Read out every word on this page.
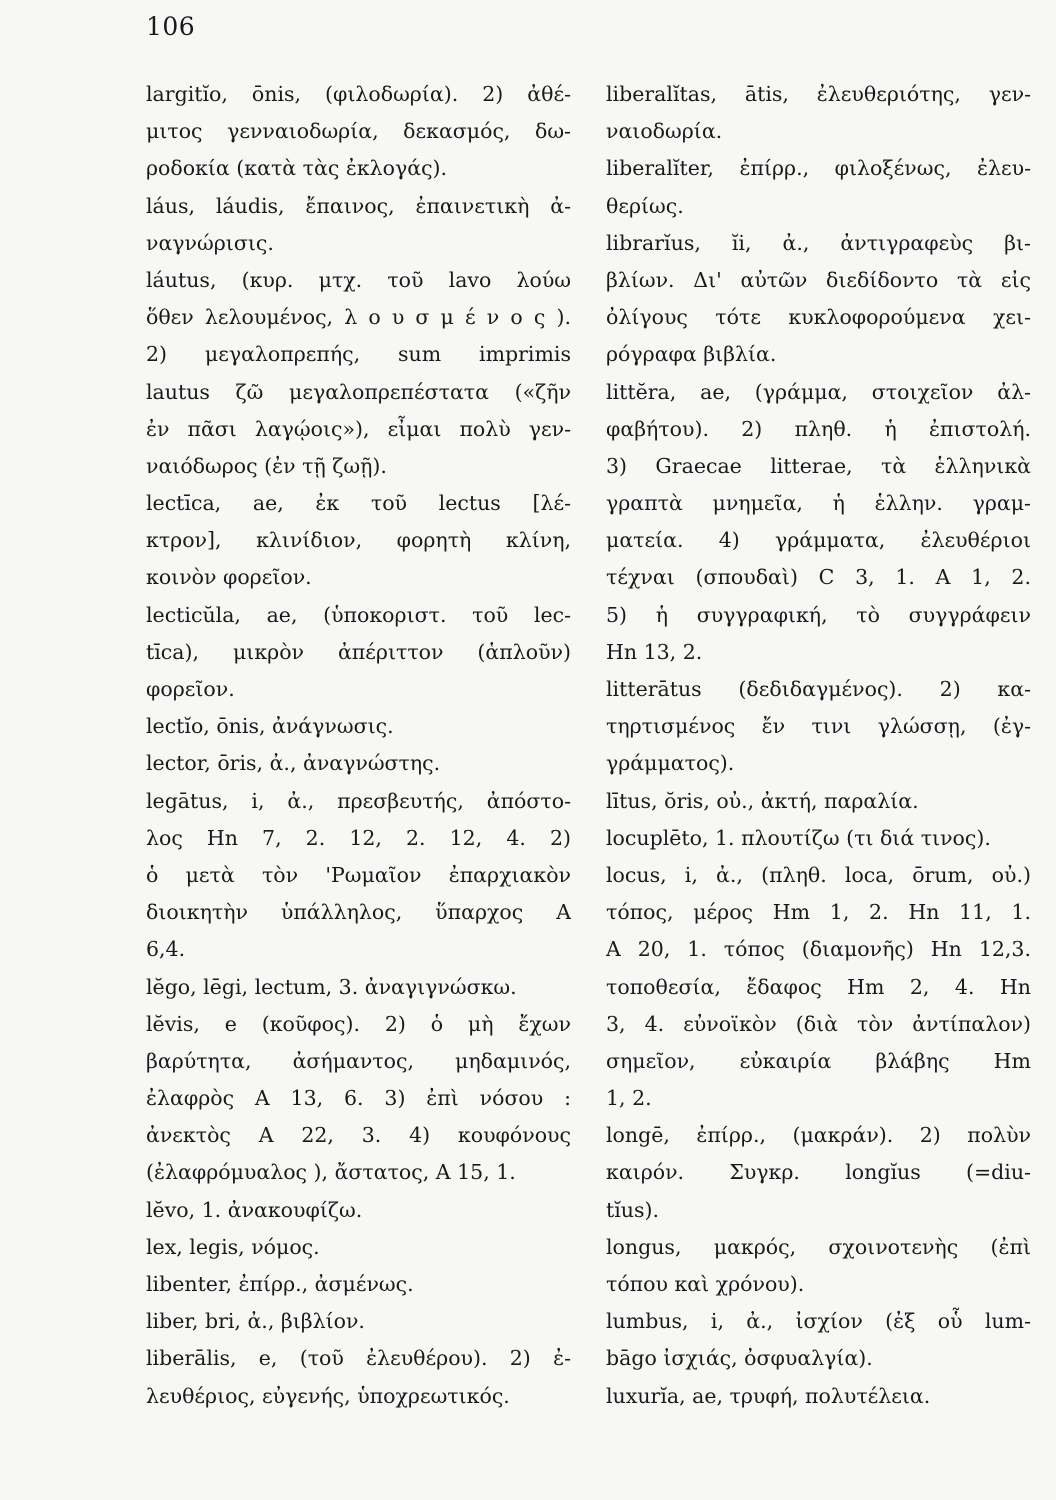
106
largitĭo, ōnis, (φιλοδωρία). 2) ἀθέ-
μιτος γενναιοδωρία, δεκασμός, δω-
ροδοκία (κατὰ τὰς ἐκλογάς).
láus, láudis, ἔπαινος, ἐπαινετικὴ ἀ-
ναγνώρισις.
láutus, (κυρ. μτχ. τοῦ lavo λούω
ὅθεν λελουμένος, λ ο υ σ μ έ ν ο ς ).
2) μεγαλοπρεπής, sum imprimis
lautus ζῶ μεγαλοπρεπέστατα («ζῆν
ἐν πᾶσι λαγῴοις»), εἶμαι πολὺ γεν-
ναιόδωρος (ἐν τῇ ζωῇ).
lectīca, ae, ἐκ τοῦ lectus [λέ-
κτρον], κλινίδιον, φορητὴ κλίνη,
κοινὸν φορεῖον.
lecticŭla, ae, (ὑποκοριστ. τοῦ lec-
tīca), μικρὸν ἀπέριττον (ἁπλοῦν)
φορεῖον.
lectĭo, ōnis, ἀνάγνωσις.
lector, ōris, ἀ., ἀναγνώστης.
legātus, i, ἀ., πρεσβευτής, ἀπόστο-
λος Hn 7, 2. 12, 2. 12, 4. 2)
ὁ μετὰ τὸν 'Ρωμαῖον ἐπαρχιακὸν
διοικητὴν ὑπάλληλος, ὕπαρχος A
6,4.
lĕgo, lēgi, lectum, 3. ἀναγιγνώσκω.
lĕvis, e (κοῦφος). 2) ὁ μὴ ἔχων
βαρύτητα, ἀσήμαντος, μηδαμινός,
ἐλαφρὸς A 13, 6. 3) ἐπὶ νόσου :
ἀνεκτὸς A 22, 3. 4) κουφόνους
(ἐλαφρόμυαλος ), ἄστατος, A 15, 1.
lĕvo, 1. ἀνακουφίζω.
lex, legis, νόμος.
libenter, ἐπίρρ., ἀσμένως.
liber, bri, ἀ., βιβλίον.
liberālis, e, (τοῦ ἐλευθέρου). 2) ἐ-
λευθέριος, εὐγενής, ὑποχρεωτικός.
liberalĭtas, ātis, ἐλευθεριότης, γεν-
ναιοδωρία.
liberalĭter, ἐπίρρ., φιλοξένως, ἐλευ-
θερίως.
librarĭus, ĭi, ἀ., ἀντιγραφεὺς βι-
βλίων. Δι' αὐτῶν διεδίδοντο τὰ εἰς
ὀλίγους τότε κυκλοφορούμενα χει-
ρόγραφα βιβλία.
littĕra, ae, (γράμμα, στοιχεῖον ἀλ-
φαβήτου). 2) πληθ. ἡ ἐπιστολή.
3) Graecae litterae, τὰ ἑλληνικὰ
γραπτὰ μνημεῖα, ἡ ἑλλην. γραμ-
ματεία. 4) γράμματα, ἐλευθέριοι
τέχναι (σπουδαὶ) C 3, 1. A 1, 2.
5) ἡ συγγραφική, τὸ συγγράφειν
Hn 13, 2.
litterātus (δεδιδαγμένος). 2) κα-
τηρτισμένος ἔν τινι γλώσσῃ, (ἐγ-
γράμματος).
lītus, ŏris, οὐ., ἀκτή, παραλία.
locuplēto, 1. πλουτίζω (τι διά τινος).
locus, i, ἀ., (πληθ. loca, ōrum, οὐ.)
τόπος, μέρος Hm 1, 2. Hn 11, 1.
A 20, 1. τόπος (διαμονῆς) Hn 12,3.
τοποθεσία, ἔδαφος Hm 2, 4. Hn
3, 4. εὐνοϊκὸν (διὰ τὸν ἀντίπαλον)
σημεῖον, εὐκαιρία βλάβης Hm
1, 2.
longē, ἐπίρρ., (μακράν). 2) πολὺν
καιρόν. Συγκρ. longĭus (=diu-
tĭus).
longus, μακρός, σχοινοτενὴς (ἐπὶ
τόπου καὶ χρόνου).
lumbus, i, ἀ., ἰσχίον (ἐξ οὗ lum-
bāgo ἰσχιάς, ὀσφυαλγία).
luxurĭa, ae, τρυφή, πολυτέλεια.
